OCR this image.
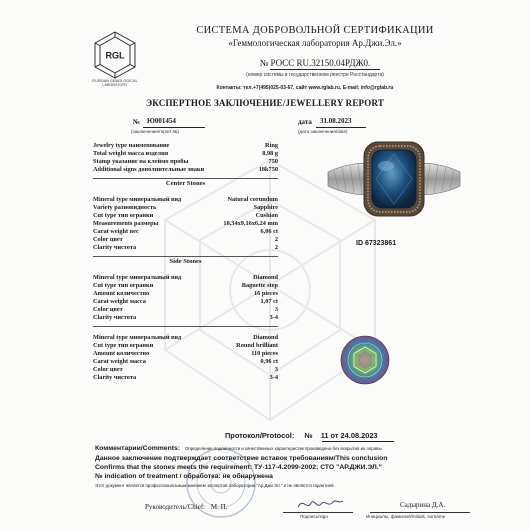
RGL
RUSSIAN GEMOLOGICAL LABORATORY
СИСТЕМА ДОБРОВОЛЬНОЙ СЕРТИФИКАЦИИ
«Геммологическая лаборатория Ар.Джи.Эл.»
№ РОСС RU.32150.04РДЖ0.
(номер системы в государственном реестре Росстандарта)
Контакты: тел.+7(495)025-03-67, сайт www.rglab.ru, E-mail: info@rglab.ru
ЭКСПЕРТНОЕ ЗАКЛЮЧЕНИЕ/JEWELLERY REPORT
№ Ю001454
(заключение/report №)
дата 31.08.2023
(дата заключения/date)
Jewelry type наименование	Ring
Total weight масса изделия	8,98 g
Stamp указание на клеймо пробы	750
Additional signs дополнительные знаки	18k750
Center Stones
Mineral type минеральный вид	Natural corundum
Variety разновидность	Sapphire
Cut type тип огранки	Cushion
Measurements размеры	10,34x9,16x6,24 mm
Carat weight вес	6,06 ct
Color цвет	2
Clarity чистота	2
Side Stones
Mineral type минеральный вид	Diamond
Cut type тип огранки	Baguette step
Amount количество	16 pieces
Carat weight масса	1,07 ct
Color цвет	3
Clarity чистота	3-4
Mineral type минеральный вид	Diamond
Cut type тип огранки	Round brilliant
Amount количество	110 pieces
Carat weight масса	0,96 ct
Color цвет	3
Clarity чистота	3-4
ID 67323861
Протокол/Protocol: № 11 от 24.08.2023
Комментарии/Comments: Определение подлинности и качественных характеристик произведено без вскрытия их оправы
Данное заключение подтверждает соответствие вставок требованиям/This conclusion
Confirms that the stones meets the requirement: ТУ-117-4.2099-2002; СТО "АР.ДЖИ.ЭЛ."
№ indication of treatment / обработка: не обнаружена
Этот документ является профессиональным мнением экспертов лаборатории "Ар.Джи.Эл." и не является гарантией
Руководитель/Chief: М. П.
Подпись/sign
Садырина Д.А.
Инициалы, фамилия/Initials, surname
